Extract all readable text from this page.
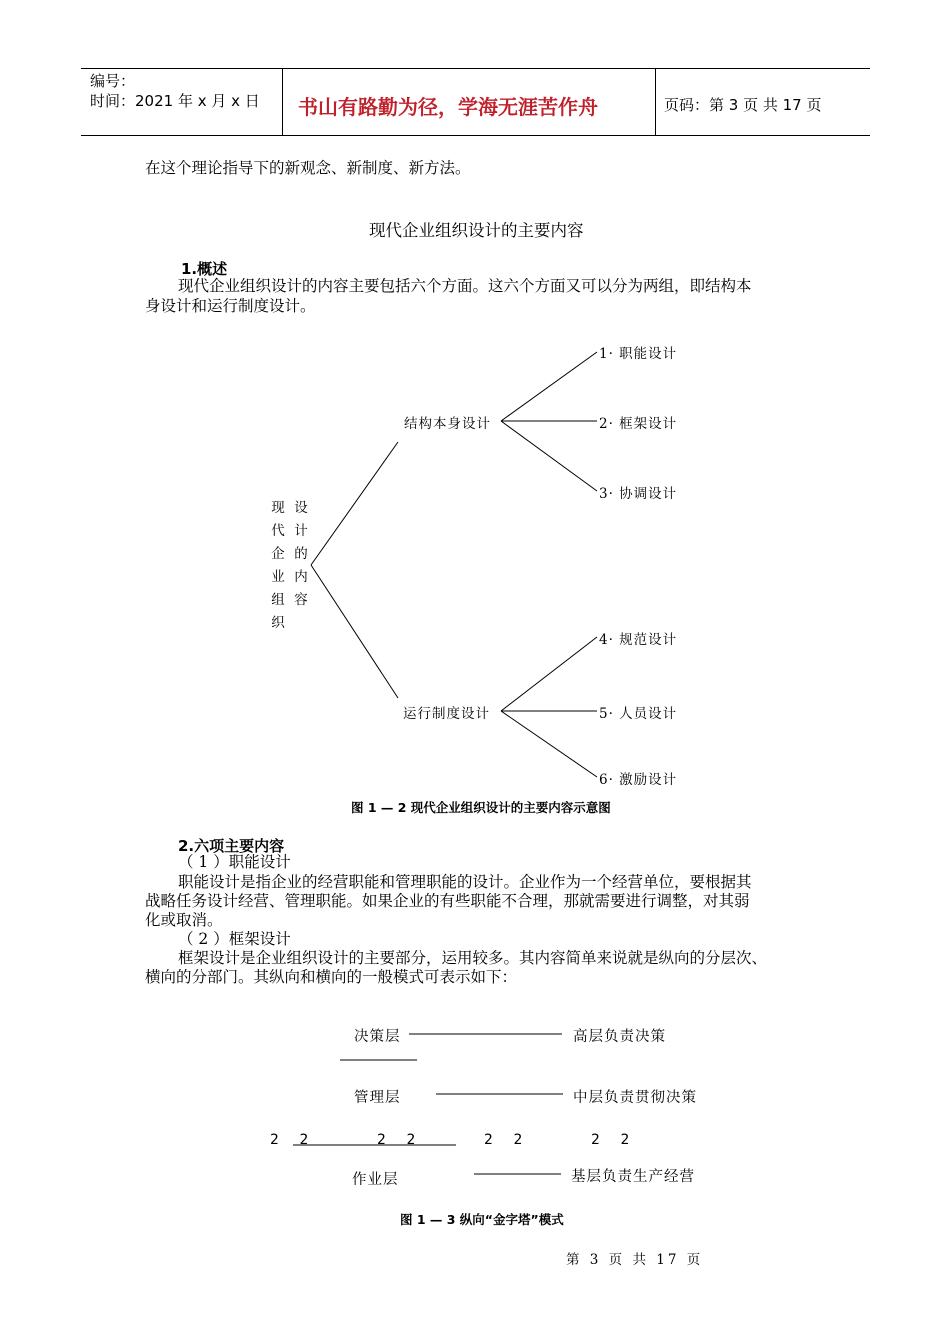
编号：
时间：2021 年 x 月 x 日 书山有路勤为径，学海无涯苦作舟	页码：第 3 页 共 17 页
在这个理论指导下的新观念、新制度、新方法。
现代企业组织设计的主要内容
1.概述
现代企业组织设计的内容主要包括六个方面。这六个方面又可以分为两组，即结构本
身设计和运行制度设计。
现代企业组织
设计的内容
结构本身设计
运行制度设计
1· 职能设计
2· 框架设计
3· 协调设计
4· 规范设计
5· 人员设计
6· 激励设计
图 1 — 2 现代企业组织设计的主要内容示意图
2.六项主要内容
（ 1 ）职能设计
职能设计是指企业的经营职能和管理职能的设计。企业作为一个经营单位，要根据其
战略任务设计经营、管理职能。如果企业的有些职能不合理，那就需要进行调整，对其弱
化或取消。
（ 2 ）框架设计
框架设计是企业组织设计的主要部分，运用较多。其内容简单来说就是纵向的分层次、
横向的分部门。其纵向和横向的一般模式可表示如下：
决策层	高层负责决策
管理层	中层负责贯彻决策
2 2	2 2	2 2	2 2
作业层	基层负责生产经营
图 1 — 3 纵向“金字塔”模式
第 3 页 共 17 页
